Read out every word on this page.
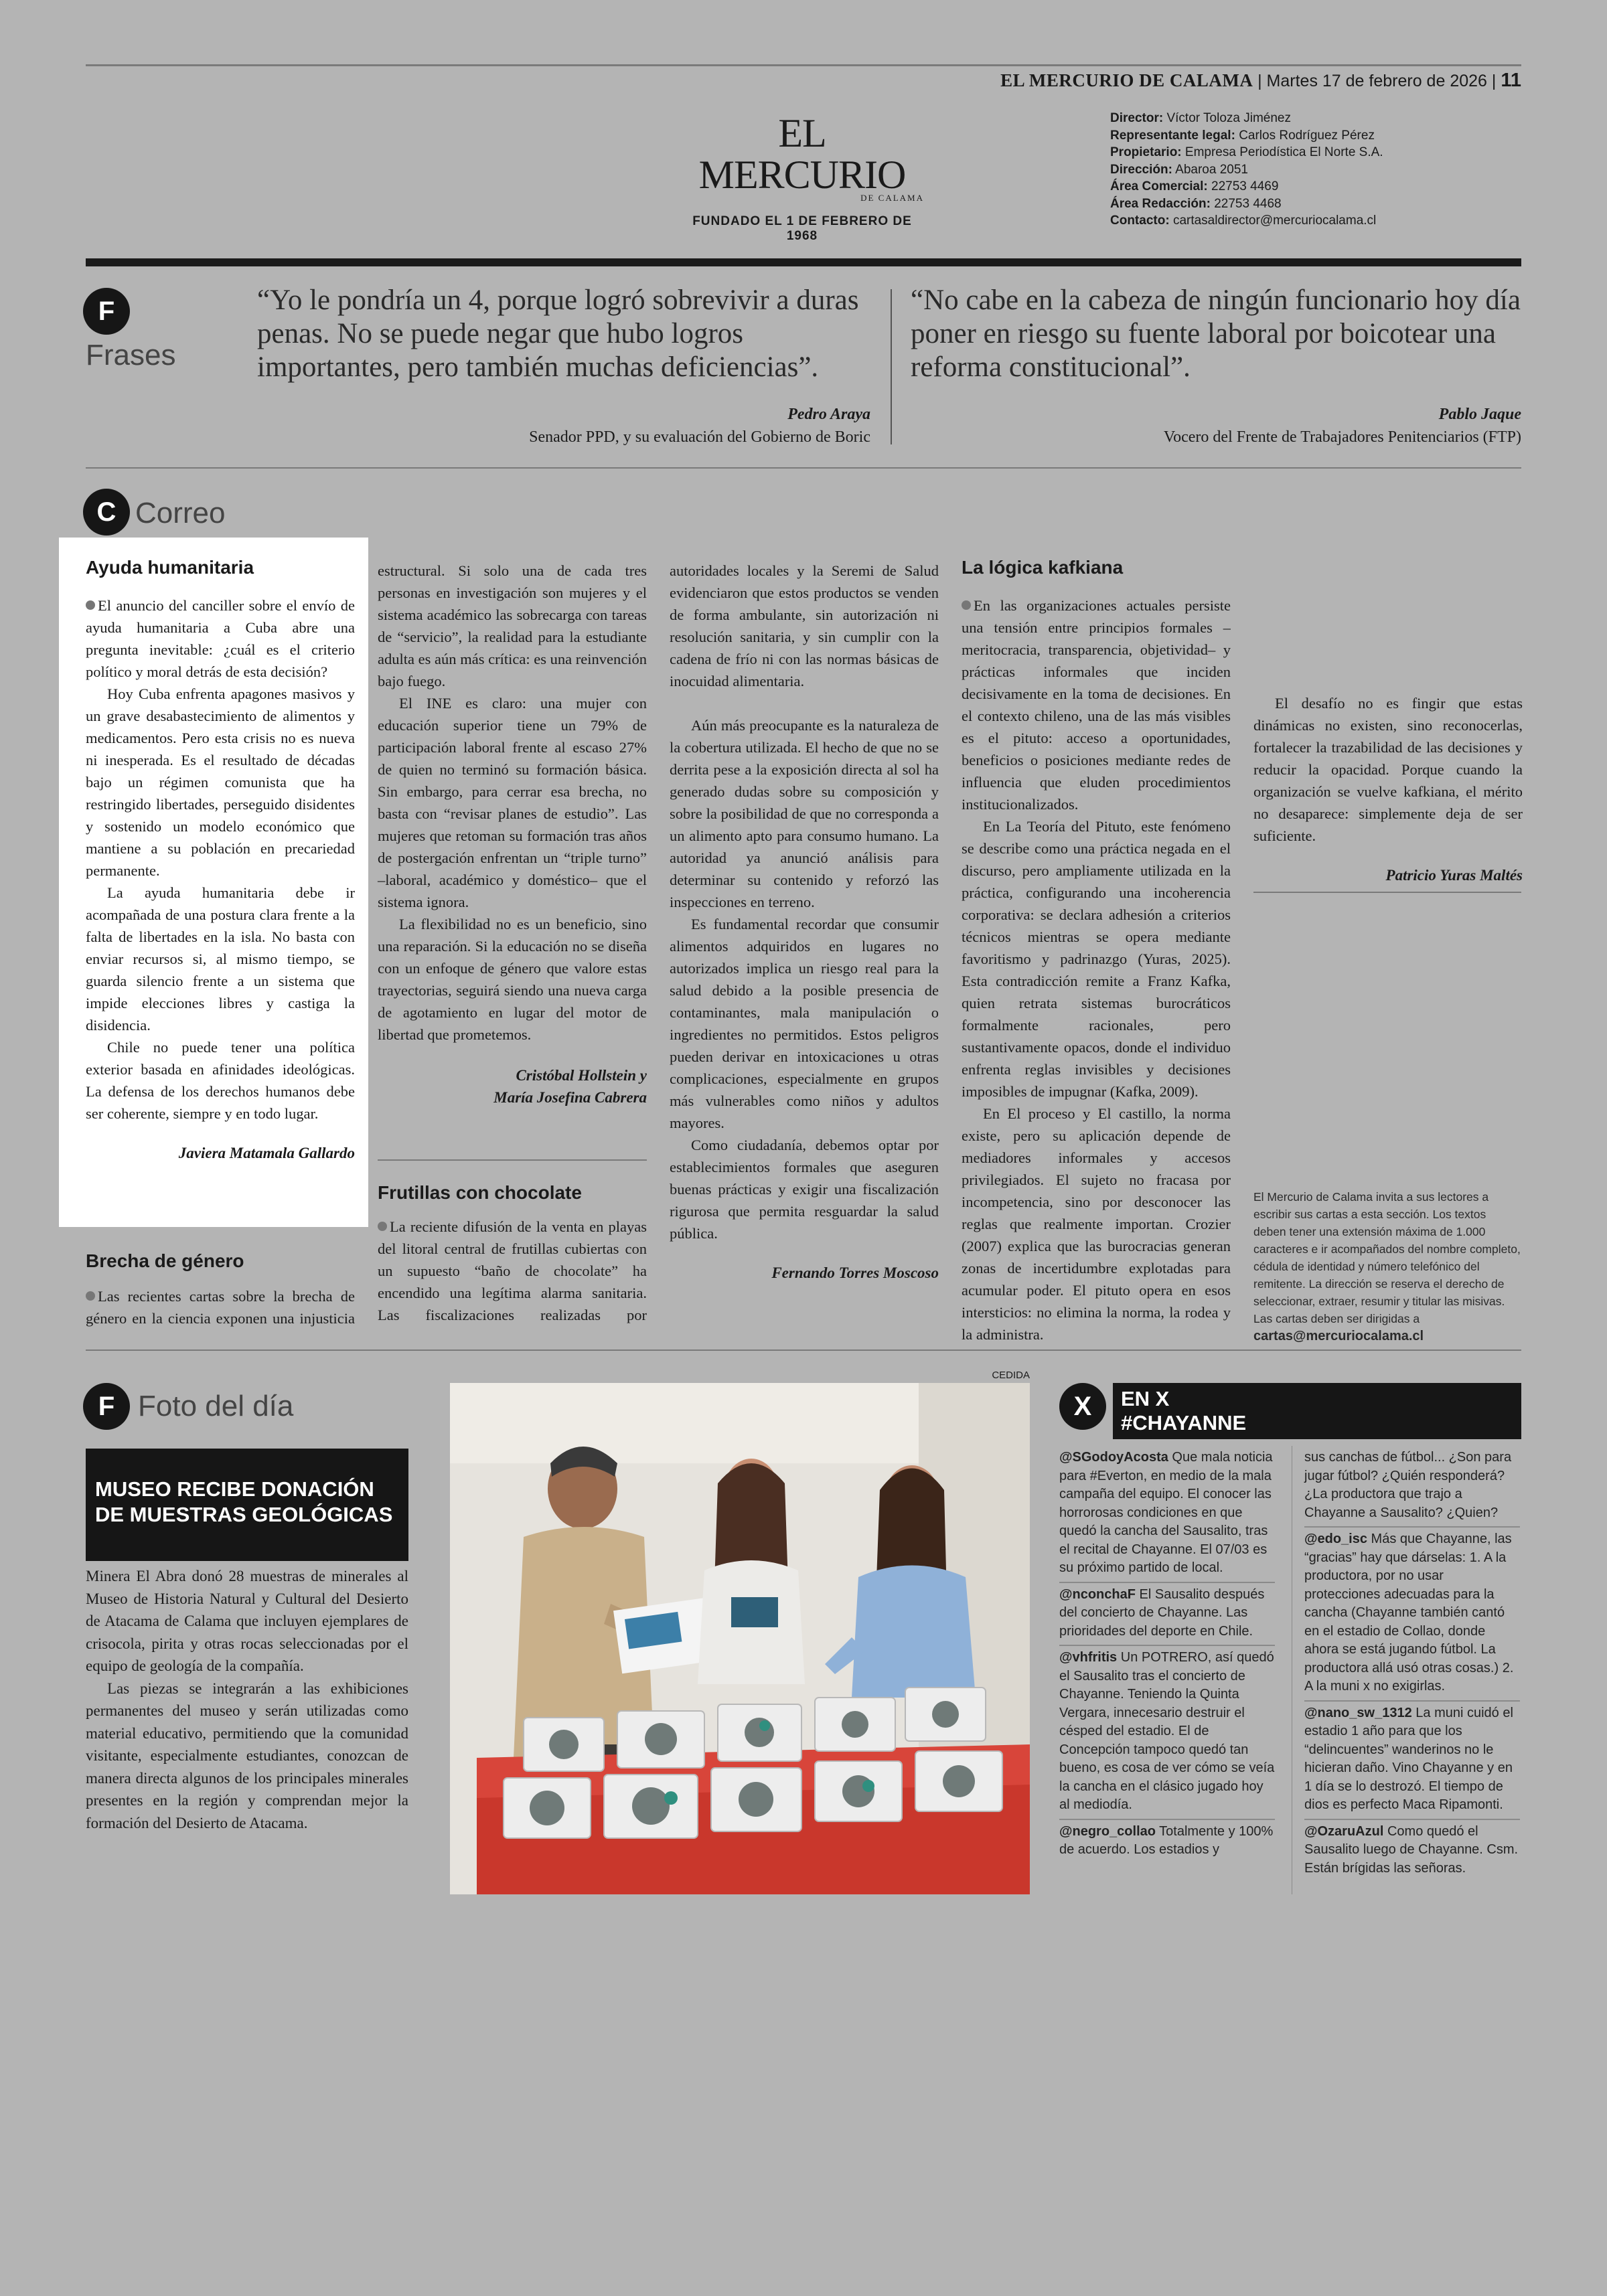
EL MERCURIO DE CALAMA | Martes 17 de febrero de 2026 | 11
EL MERCURIO
DE CALAMA
FUNDADO EL 1 DE FEBRERO DE 1968
Director: Víctor Toloza Jiménez
Representante legal: Carlos Rodríguez Pérez
Propietario: Empresa Periodística El Norte S.A.
Dirección: Abaroa 2051
Área Comercial: 22753 4469
Área Redacción: 22753 4468
Contacto: cartasaldirector@mercuriocalama.cl
F
Frases
“Yo le pondría un 4, porque logró sobrevivir a duras penas. No se puede negar que hubo logros importantes, pero también muchas deficiencias”.
Pedro Araya
Senador PPD, y su evaluación del Gobierno de Boric
“No cabe en la cabeza de ningún funcionario hoy día poner en riesgo su fuente laboral por boicotear una reforma constitucional”.
Pablo Jaque
Vocero del Frente de Trabajadores Penitenciarios (FTP)
C Correo
Ayuda humanitaria

El anuncio del canciller sobre el envío de ayuda humanitaria a Cuba abre una pregunta inevitable: ¿cuál es el criterio político y moral detrás de esta decisión?

Hoy Cuba enfrenta apagones masivos y un grave desabastecimiento de alimentos y medicamentos. Pero esta crisis no es nueva ni inesperada. Es el resultado de décadas bajo un régimen comunista que ha restringido libertades, perseguido disidentes y sostenido un modelo económico que mantiene a su población en precariedad permanente.

La ayuda humanitaria debe ir acompañada de una postura clara frente a la falta de libertades en la isla. No basta con enviar recursos si, al mismo tiempo, se guarda silencio frente a un sistema que impide elecciones libres y castiga la disidencia.

Chile no puede tener una política exterior basada en afinidades ideológicas. La defensa de los derechos humanos debe ser coherente, siempre y en todo lugar.

Javiera Matamala Gallardo

Brecha de género

Las recientes cartas sobre la brecha de género en la ciencia exponen una injusticia

estructural. Si solo una de cada tres personas en investigación son mujeres y el sistema académico las sobrecarga con tareas de “servicio”, la realidad para la estudiante adulta es aún más crítica: es una reinvención bajo fuego.

El INE es claro: una mujer con educación superior tiene un 79% de participación laboral frente al escaso 27% de quien no terminó su formación básica. Sin embargo, para cerrar esa brecha, no basta con “revisar planes de estudio”. Las mujeres que retoman su formación tras años de postergación enfrentan un “triple turno” –laboral, académico y doméstico– que el sistema ignora.

La flexibilidad no es un beneficio, sino una reparación. Si la educación no se diseña con un enfoque de género que valore estas trayectorias, seguirá siendo una nueva carga de agotamiento en lugar del motor de libertad que prometemos.

Cristóbal Hollstein y

María Josefina Cabrera

Frutillas con chocolate

La reciente difusión de la venta en playas del litoral central de frutillas cubiertas con un supuesto “baño de chocolate” ha encendido una legítima alarma sanitaria. Las fiscalizaciones realizadas por

autoridades locales y la Seremi de Salud evidenciaron que estos productos se venden de forma ambulante, sin autorización ni resolución sanitaria, y sin cumplir con la cadena de frío ni con las normas básicas de inocuidad alimentaria.

Aún más preocupante es la naturaleza de la cobertura utilizada. El hecho de que no se derrita pese a la exposición directa al sol ha generado dudas sobre su composición y sobre la posibilidad de que no corresponda a un alimento apto para consumo humano. La autoridad ya anunció análisis para determinar su contenido y reforzó las inspecciones en terreno.

Es fundamental recordar que consumir alimentos adquiridos en lugares no autorizados implica un riesgo real para la salud debido a la posible presencia de contaminantes, mala manipulación o ingredientes no permitidos. Estos peligros pueden derivar en intoxicaciones u otras complicaciones, especialmente en grupos más vulnerables como niños y adultos mayores.

Como ciudadanía, debemos optar por establecimientos formales que aseguren buenas prácticas y exigir una fiscalización rigurosa que permita resguardar la salud pública.

Fernando Torres Moscoso

La lógica kafkiana

En las organizaciones actuales persiste una tensión entre principios formales –meritocracia, transparencia, objetividad– y prácticas informales que inciden decisivamente en la toma de decisiones. En el contexto chileno, una de las más visibles es el pituto: acceso a oportunidades, beneficios o posiciones mediante redes de influencia que eluden procedimientos institucionalizados.

En La Teoría del Pituto, este fenómeno se describe como una práctica negada en el discurso, pero ampliamente utilizada en la práctica, configurando una incoherencia corporativa: se declara adhesión a criterios técnicos mientras se opera mediante favoritismo y padrinazgo (Yuras, 2025). Esta contradicción remite a Franz Kafka, quien retrata sistemas burocráticos formalmente racionales, pero sustantivamente opacos, donde el individuo enfrenta reglas invisibles y decisiones imposibles de impugnar (Kafka, 2009).

En El proceso y El castillo, la norma existe, pero su aplicación depende de mediadores informales y accesos privilegiados. El sujeto no fracasa por incompetencia, sino por desconocer las reglas que realmente importan. Crozier (2007) explica que las burocracias generan zonas de incertidumbre explotadas para acumular poder. El pituto opera en esos intersticios: no elimina la norma, la rodea y la administra.

El desafío no es fingir que estas dinámicas no existen, sino reconocerlas, fortalecer la trazabilidad de las decisiones y reducir la opacidad. Porque cuando la organización se vuelve kafkiana, el mérito no desaparece: simplemente deja de ser suficiente.

Patricio Yuras Maltés

El Mercurio de Calama invita a sus lectores a escribir sus cartas a esta sección. Los textos deben tener una extensión máxima de 1.000 caracteres e ir acompañados del nombre completo, cédula de identidad y número telefónico del remitente. La dirección se reserva el derecho de seleccionar, extraer, resumir y titular las misivas. Las cartas deben ser dirigidas a cartas@mercuriocalama.cl
F Foto del día
MUSEO RECIBE DONACIÓN
DE MUESTRAS GEOLÓGICAS

Minera El Abra donó 28 muestras de minerales al Museo de Historia Natural y Cultural del Desierto de Atacama de Calama que incluyen ejemplares de crisocola, pirita y otras rocas seleccionadas por el equipo de geología de la compañía.

Las piezas se integrarán a las exhibiciones permanentes del museo y serán utilizadas como material educativo, permitiendo que la comunidad visitante, especialmente estudiantes, conozcan de manera directa algunos de los principales minerales presentes en la región y comprendan mejor la formación del Desierto de Atacama.

CEDIDA
X	EN X
#CHAYANNE
@SGodoyAcosta Que mala noticia para #Everton, en medio de la mala campaña del equipo. El conocer las horrorosas condiciones en que quedó la cancha del Sausalito, tras el recital de Chayanne. El 07/03 es su próximo partido de local.
@nconchaF El Sausalito después del concierto de Chayanne. Las prioridades del deporte en Chile.
@vhfritis Un POTRERO, así quedó el Sausalito tras el concierto de Chayanne. Teniendo la Quinta Vergara, innecesario destruir el césped del estadio. El de Concepción tampoco quedó tan bueno, es cosa de ver cómo se veía la cancha en el clásico jugado hoy al mediodía.
@negro_collao Totalmente y 100% de acuerdo. Los estadios y
sus canchas de fútbol... ¿Son para jugar fútbol? ¿Quién responderá? ¿La productora que trajo a Chayanne a Sausalito? ¿Quien?
@edo_isc Más que Chayanne, las “gracias” hay que dárselas: 1. A la productora, por no usar protecciones adecuadas para la cancha (Chayanne también cantó en el estadio de Collao, donde ahora se está jugando fútbol. La productora allá usó otras cosas.) 2. A la muni x no exigirlas.
@nano_sw_1312 La muni cuidó el estadio 1 año para que los “delincuentes” wanderinos no le hicieran daño. Vino Chayanne y en 1 día se lo destrozó. El tiempo de dios es perfecto Maca Ripamonti.
@OzaruAzul Como quedó el Sausalito luego de Chayanne. Csm. Están brígidas las señoras.
